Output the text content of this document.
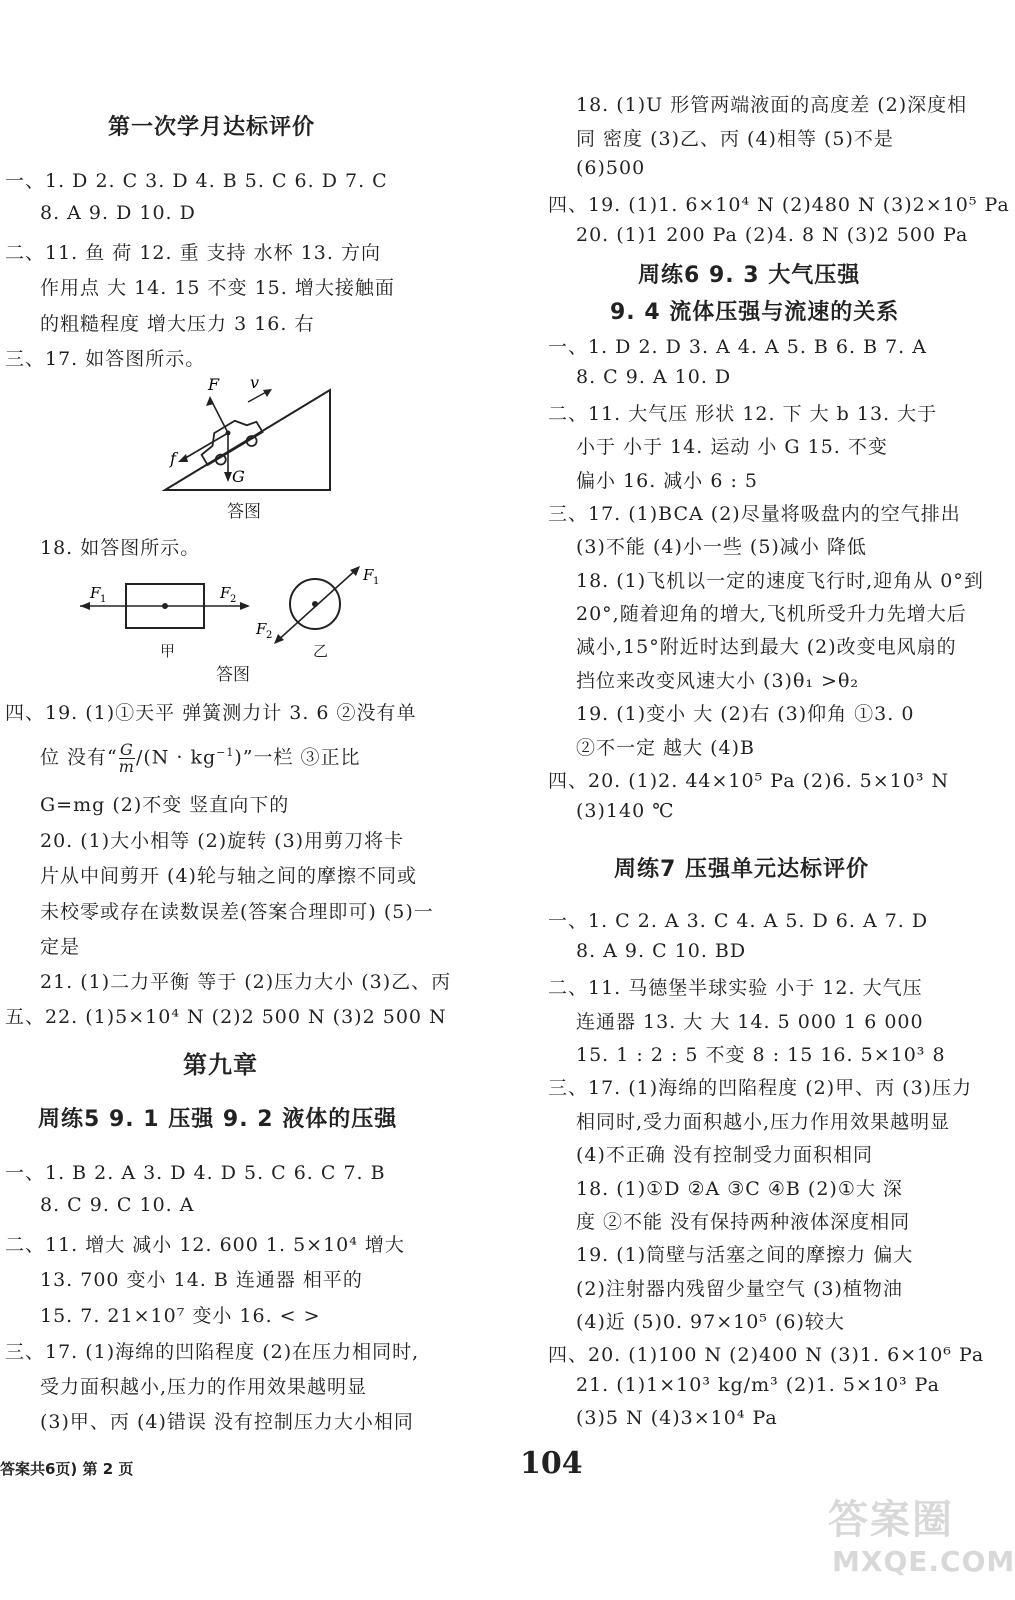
第一次学月达标评价
一、1. D 2. C 3. D 4. B 5. C 6. D 7. C
8. A 9. D 10. D
二、11. 鱼 荷 12. 重 支持 水杯 13. 方向
作用点 大 14. 15 不变 15. 增大接触面
的粗糙程度 增大压力 3 16. 右
三、17. 如答图所示。
F v
f
G
答图
18. 如答图所示。
F 1	F 2
F 1
F 2
甲	乙
答图
四、19. (1)①天平 弹簧测力计 3. 6 ②没有单
位 没有“ $\frac{G}{m} /(N \cdot kg^{-1})$”一栏 ③正比
G=mg (2)不变 竖直向下的
20. (1)大小相等 (2)旋转 (3)用剪刀将卡
片从中间剪开 (4)轮与轴之间的摩擦不同或
未校零或存在读数误差(答案合理即可) (5)一
定是
21. (1)二力平衡 等于 (2)压力大小 (3)乙、丙
五、22. (1)5×10⁴ N (2)2 500 N (3)2 500 N
第九章
周练5 9. 1 压强 9. 2 液体的压强
一、1. B 2. A 3. D 4. D 5. C 6. C 7. B
8. C 9. C 10. A
二、11. 增大 减小 12. 600 1. 5×10⁴ 增大
13. 700 变小 14. B 连通器 相平的
15. 7. 21×10⁷ 变小 16. < >
三、17. (1)海绵的凹陷程度 (2)在压力相同时,
受力面积越小,压力的作用效果越明显
(3)甲、丙 (4)错误 没有控制压力大小相同
答案共6页) 第 2 页
18. (1)U 形管两端液面的高度差 (2)深度相
同 密度 (3)乙、丙 (4)相等 (5)不是
(6)500
四、19. (1)1. 6×10⁴ N (2)480 N (3)2×10⁵ Pa
20. (1)1 200 Pa (2)4. 8 N (3)2 500 Pa
周练6 9. 3 大气压强
9. 4 流体压强与流速的关系
一、1. D 2. D 3. A 4. A 5. B 6. B 7. A
8. C 9. A 10. D
二、11. 大气压 形状 12. 下 大 b 13. 大于
小于 小于 14. 运动 小 G 15. 不变
偏小 16. 减小 6 : 5
三、17. (1)BCA (2)尽量将吸盘内的空气排出
(3)不能 (4)小一些 (5)减小 降低
18. (1)飞机以一定的速度飞行时,迎角从 0°到
20°,随着迎角的增大,飞机所受升力先增大后
减小,15°附近时达到最大 (2)改变电风扇的
挡位来改变风速大小 (3)θ₁ >θ₂
19. (1)变小 大 (2)右 (3)仰角 ①3. 0
②不一定 越大 (4)B
四、20. (1)2. 44×10⁵ Pa (2)6. 5×10³ N
(3)140 ℃
周练7 压强单元达标评价
一、1. C 2. A 3. C 4. A 5. D 6. A 7. D
8. A 9. C 10. BD
二、11. 马德堡半球实验 小于 12. 大气压
连通器 13. 大 大 14. 5 000 1 6 000
15. 1 : 2 : 5 不变 8 : 15 16. 5×10³ 8
三、17. (1)海绵的凹陷程度 (2)甲、丙 (3)压力
相同时,受力面积越小,压力作用效果越明显
(4)不正确 没有控制受力面积相同
18. (1)①D ②A ③C ④B (2)①大 深
度 ②不能 没有保持两种液体深度相同
19. (1)筒壁与活塞之间的摩擦力 偏大
(2)注射器内残留少量空气 (3)植物油
(4)近 (5)0. 97×10⁵ (6)较大
四、20. (1)100 N (2)400 N (3)1. 6×10⁶ Pa
21. (1)1×10³ kg/m³ (2)1. 5×10³ Pa
(3)5 N (4)3×10⁴ Pa
104
答案圈
MXQE.COM
